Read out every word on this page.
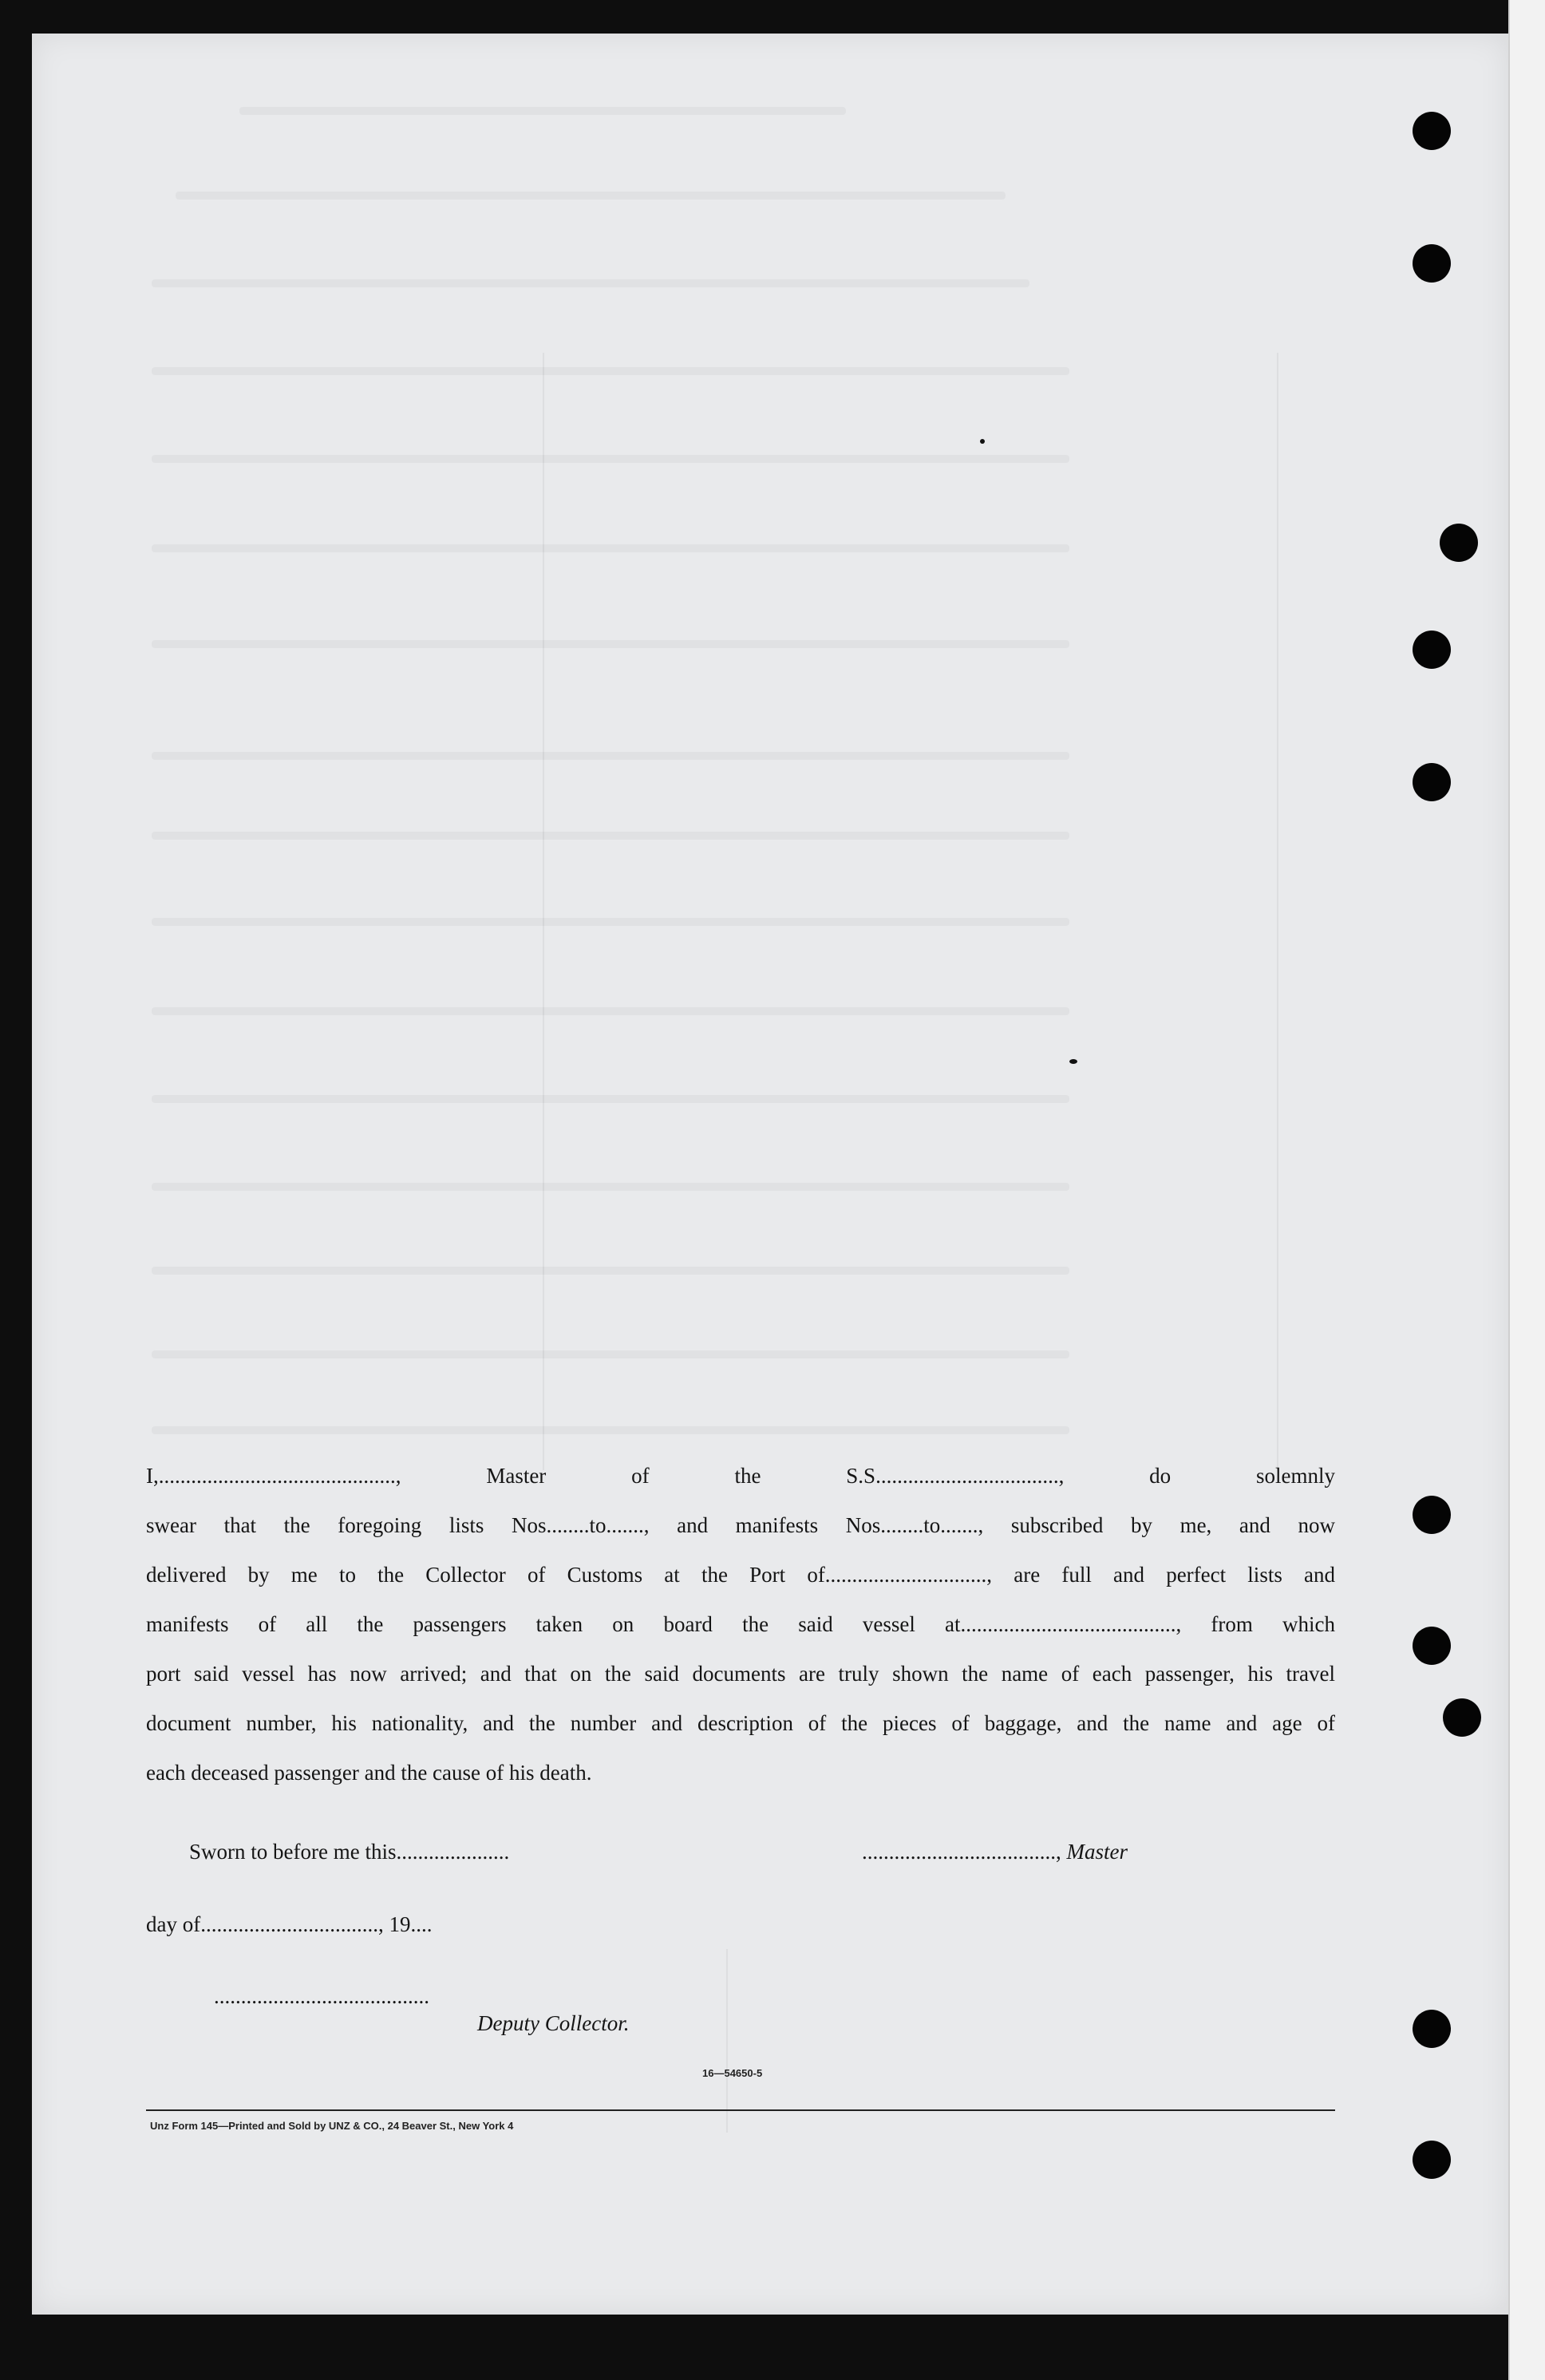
I,............................................, Master of the S.S.................................., do solemnly
swear that the foregoing lists Nos........to......., and manifests Nos........to......., subscribed by me, and now
delivered by me to the Collector of Customs at the Port of.............................., are full and perfect lists and
manifests of all the passengers taken on board the said vessel at........................................, from which
port said vessel has now arrived; and that on the said documents are truly shown the name of each passenger, his travel
document number, his nationality, and the number and description of the pieces of baggage, and the name and age of
each deceased passenger and the cause of his death.
Sworn to before me this.....................	...................................., Master
day of................................., 19....
........................................
Deputy Collector.
16—54650-5
Unz Form 145—Printed and Sold by UNZ & CO., 24 Beaver St., New York 4
